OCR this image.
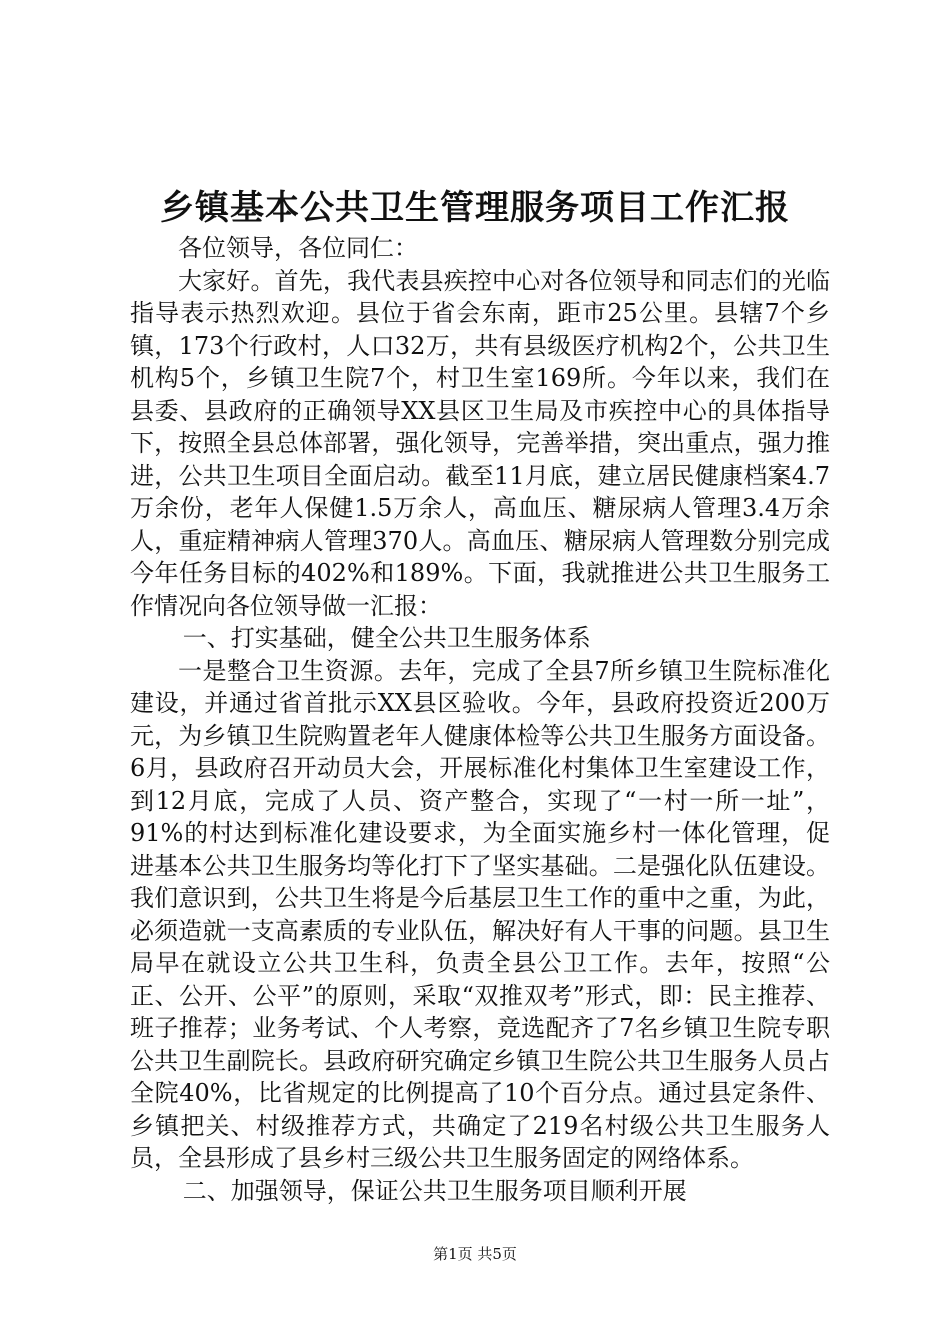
乡镇基本公共卫生管理服务项目工作汇报

各位领导，各位同仁：

大家好。首先，我代表县疾控中心对各位领导和同志们的光临指导表示热烈欢迎。县位于省会东南，距市25公里。县辖7个乡镇，173个行政村，人口32万，共有县级医疗机构2个，公共卫生机构5个，乡镇卫生院7个，村卫生室169所。今年以来，我们在县委、县政府的正确领导XX县区卫生局及市疾控中心的具体指导下，按照全县总体部署，强化领导，完善举措，突出重点，强力推进，公共卫生项目全面启动。截至11月底，建立居民健康档案4.7万余份，老年人保健1.5万余人，高血压、糖尿病人管理3.4万余人，重症精神病人管理370人。高血压、糖尿病人管理数分别完成今年任务目标的402%和189%。下面，我就推进公共卫生服务工作情况向各位领导做一汇报：

一、打实基础，健全公共卫生服务体系

一是整合卫生资源。去年，完成了全县7所乡镇卫生院标准化建设，并通过省首批示XX县区验收。今年，县政府投资近200万元，为乡镇卫生院购置老年人健康体检等公共卫生服务方面设备。6月，县政府召开动员大会，开展标准化村集体卫生室建设工作，到12月底，完成了人员、资产整合，实现了“一村一所一址”，91%的村达到标准化建设要求，为全面实施乡村一体化管理，促进基本公共卫生服务均等化打下了坚实基础。二是强化队伍建设。我们意识到，公共卫生将是今后基层卫生工作的重中之重，为此，必须造就一支高素质的专业队伍，解决好有人干事的问题。县卫生局早在就设立公共卫生科，负责全县公卫工作。去年，按照“公正、公开、公平”的原则，采取“双推双考”形式，即：民主推荐、班子推荐；业务考试、个人考察，竞选配齐了7名乡镇卫生院专职公共卫生副院长。县政府研究确定乡镇卫生院公共卫生服务人员占全院40%，比省规定的比例提高了10个百分点。通过县定条件、乡镇把关、村级推荐方式，共确定了219名村级公共卫生服务人员，全县形成了县乡村三级公共卫生服务固定的网络体系。

二、加强领导，保证公共卫生服务项目顺利开展

第1页 共5页
